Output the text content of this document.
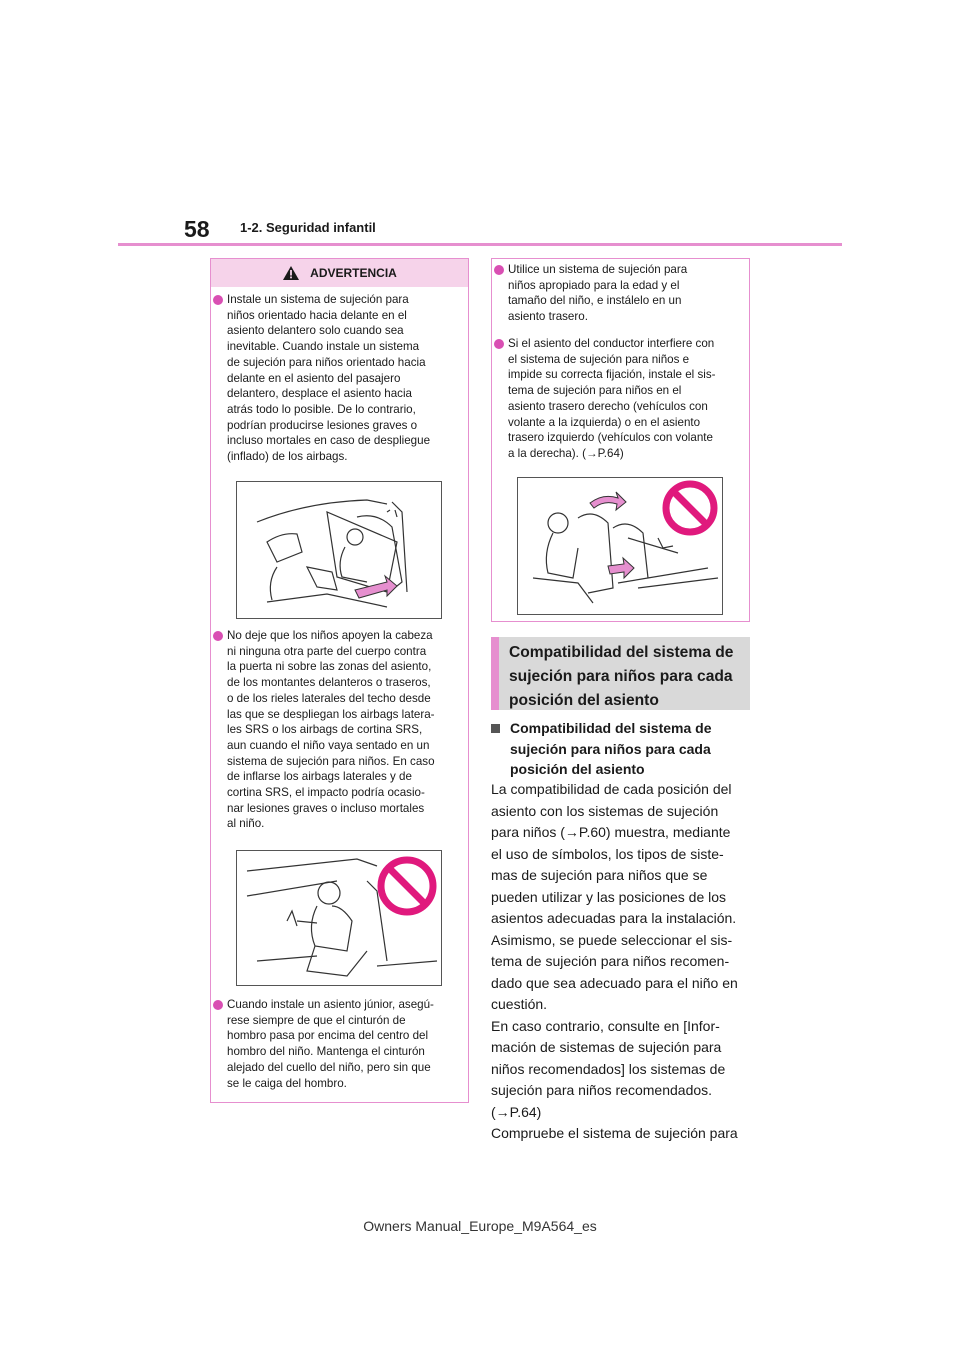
58 1-2. Seguridad infantil
ADVERTENCIA
Instale un sistema de sujeción para
niños orientado hacia delante en el
asiento delantero solo cuando sea
inevitable. Cuando instale un sistema
de sujeción para niños orientado hacia
delante en el asiento del pasajero
delantero, desplace el asiento hacia
atrás todo lo posible. De lo contrario,
podrían producirse lesiones graves o
incluso mortales en caso de despliegue
(inflado) de los airbags.
No deje que los niños apoyen la cabeza
ni ninguna otra parte del cuerpo contra
la puerta ni sobre las zonas del asiento,
de los montantes delanteros o traseros,
o de los rieles laterales del techo desde
las que se despliegan los airbags latera-
les SRS o los airbags de cortina SRS,
aun cuando el niño vaya sentado en un
sistema de sujeción para niños. En caso
de inflarse los airbags laterales y de
cortina SRS, el impacto podría ocasio-
nar lesiones graves o incluso mortales
al niño.
Cuando instale un asiento júnior, asegú-
rese siempre de que el cinturón de
hombro pasa por encima del centro del
hombro del niño. Mantenga el cinturón
alejado del cuello del niño, pero sin que
se le caiga del hombro.
Utilice un sistema de sujeción para
niños apropiado para la edad y el
tamaño del niño, e instálelo en un
asiento trasero.
Si el asiento del conductor interfiere con
el sistema de sujeción para niños e
impide su correcta fijación, instale el sis-
tema de sujeción para niños en el
asiento trasero derecho (vehículos con
volante a la izquierda) o en el asiento
trasero izquierdo (vehículos con volante
a la derecha). (→P.64)
Compatibilidad del sistema de
sujeción para niños para cada
posición del asiento
Compatibilidad del sistema de
sujeción para niños para cada
posición del asiento
La compatibilidad de cada posición del
asiento con los sistemas de sujeción
para niños (→P.60) muestra, mediante
el uso de símbolos, los tipos de siste-
mas de sujeción para niños que se
pueden utilizar y las posiciones de los
asientos adecuadas para la instalación.
Asimismo, se puede seleccionar el sis-
tema de sujeción para niños recomen-
dado que sea adecuado para el niño en
cuestión.
En caso contrario, consulte en [Infor-
mación de sistemas de sujeción para
niños recomendados] los sistemas de
sujeción para niños recomendados.
(→P.64)
Compruebe el sistema de sujeción para
Owners Manual_Europe_M9A564_es
